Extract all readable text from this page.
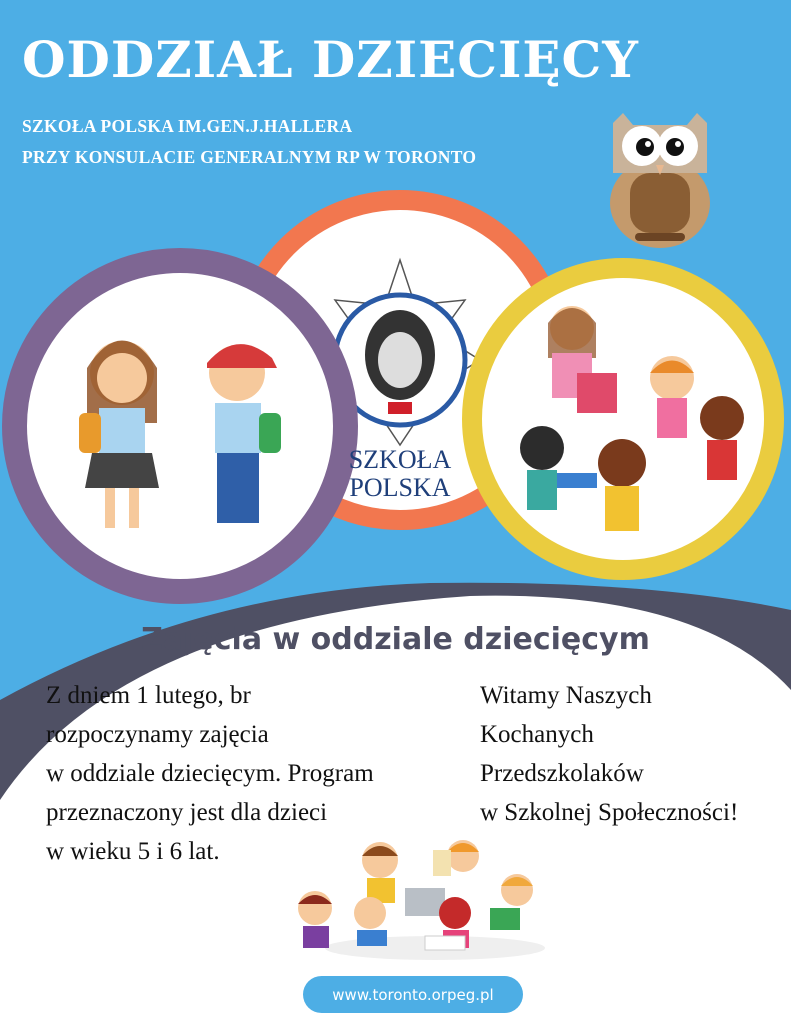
ODDZIAŁ DZIECIĘCY
SZKOŁA POLSKA IM.GEN.J.HALLERA
PRZY KONSULACIE GENERALNYM RP W TORONTO
SZKOŁA POLSKA
Zajęcia w oddziale dziecięcym
Z dniem 1 lutego, br
rozpoczynamy zajęcia
w oddziale dziecięcym. Program
przeznaczony jest dla dzieci
w wieku 5 i 6 lat.
Witamy Naszych
Kochanych
Przedszkolaków
w Szkolnej Społeczności!
www.toronto.orpeg.pl
